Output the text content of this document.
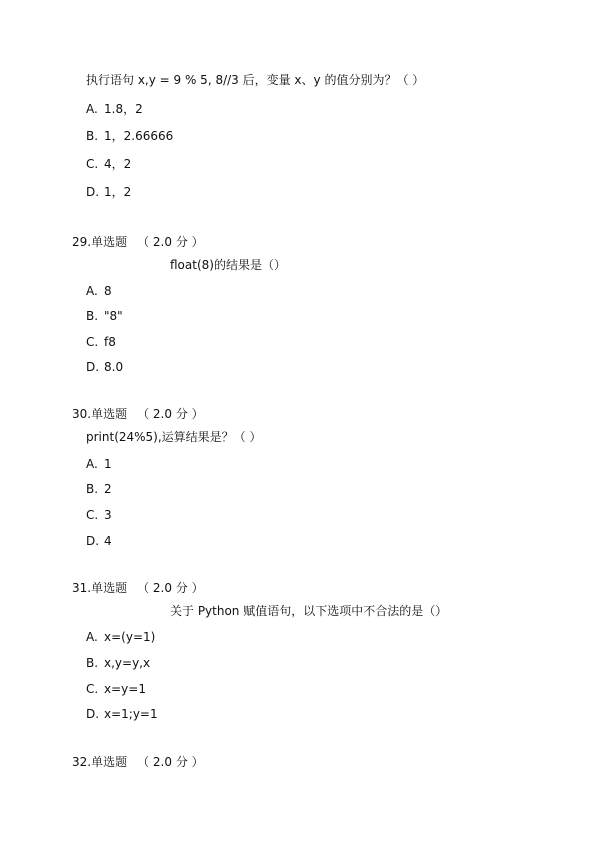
执行语句 x,y = 9 % 5, 8//3 后，变量 x、y 的值分别为？（ ）
A. 1.8，2
B. 1，2.66666
C. 4，2
D. 1，2
29.单选题 （ 2.0 分 ）
float(8)的结果是（）
A. 8
B. "8"
C. f8
D. 8.0
30.单选题 （ 2.0 分 ）
print(24%5),运算结果是？（ ）
A. 1
B. 2
C. 3
D. 4
31.单选题 （ 2.0 分 ）
关于 Python 赋值语句，以下选项中不合法的是（）
A. x=(y=1)
B. x,y=y,x
C. x=y=1
D. x=1;y=1
32.单选题 （ 2.0 分 ）
